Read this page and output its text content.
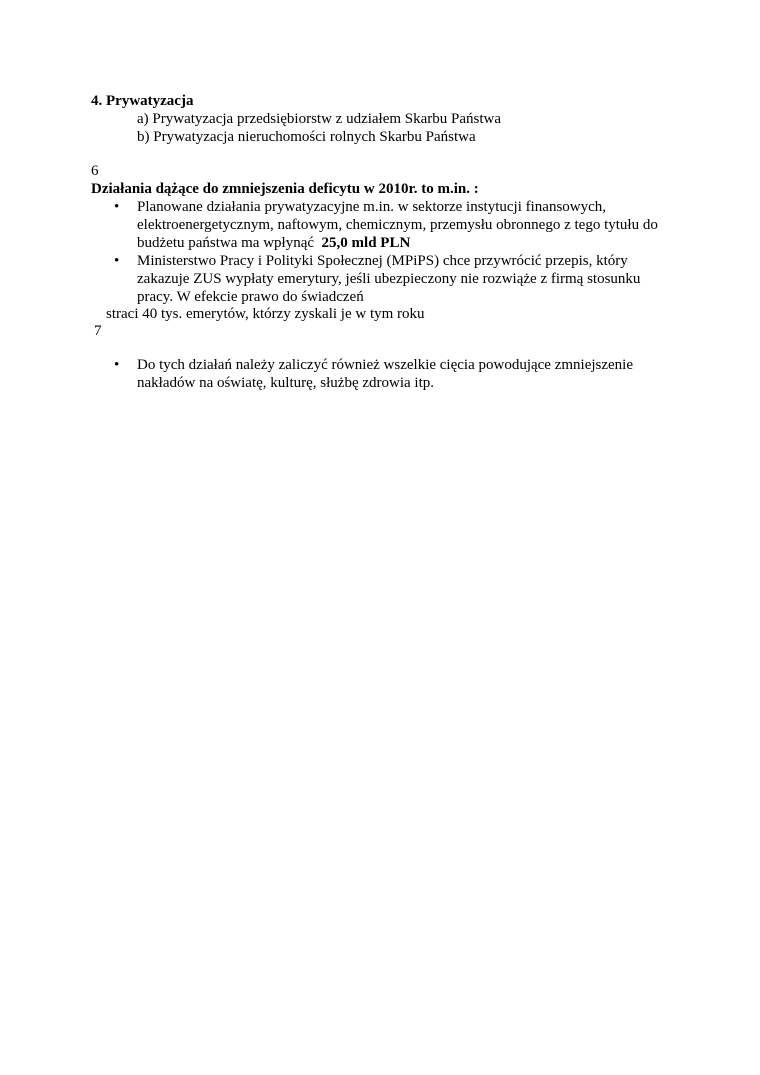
4. Prywatyzacja
a) Prywatyzacja przedsiębiorstw z udziałem Skarbu Państwa
b) Prywatyzacja nieruchomości rolnych Skarbu Państwa
6
Działania dążące do zmniejszenia deficytu w 2010r. to m.in. :
• Planowane działania prywatyzacyjne m.in. w sektorze instytucji finansowych,
elektroenergetycznym, naftowym, chemicznym, przemysłu obronnego z tego tytułu do
budżetu państwa ma wpłynąć 25,0 mld PLN
• Ministerstwo Pracy i Polityki Społecznej (MPiPS) chce przywrócić przepis, który
zakazuje ZUS wypłaty emerytury, jeśli ubezpieczony nie rozwiąże z firmą stosunku
pracy. W efekcie prawo do świadczeń
straci 40 tys. emerytów, którzy zyskali je w tym roku
7
• Do tych działań należy zaliczyć również wszelkie cięcia powodujące zmniejszenie
nakładów na oświatę, kulturę, służbę zdrowia itp.
